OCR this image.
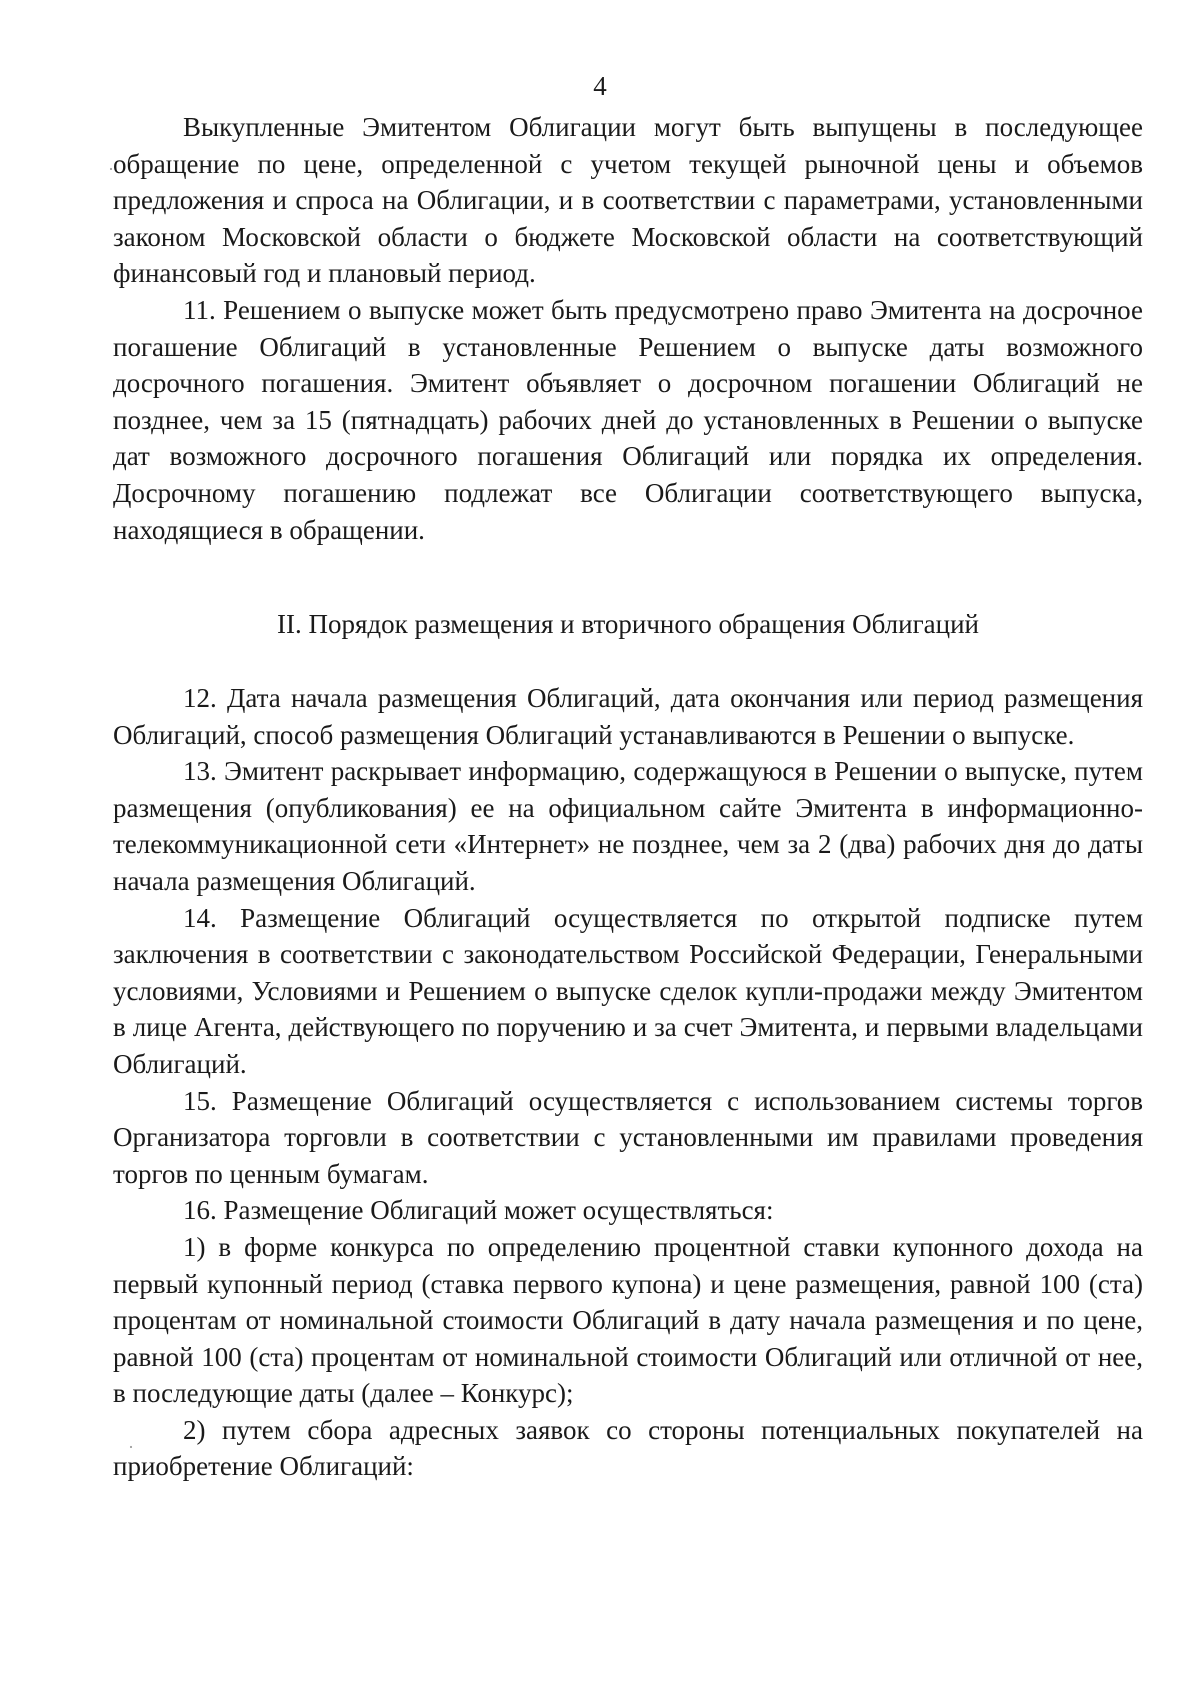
4

Выкупленные Эмитентом Облигации могут быть выпущены в последующее обращение по цене, определенной с учетом текущей рыночной цены и объемов предложения и спроса на Облигации, и в соответствии с параметрами, установленными законом Московской области о бюджете Московской области на соответствующий финансовый год и плановый период.

11. Решением о выпуске может быть предусмотрено право Эмитента на досрочное погашение Облигаций в установленные Решением о выпуске даты возможного досрочного погашения. Эмитент объявляет о досрочном погашении Облигаций не позднее, чем за 15 (пятнадцать) рабочих дней до установленных в Решении о выпуске дат возможного досрочного погашения Облигаций или порядка их определения. Досрочному погашению подлежат все Облигации соответствующего выпуска, находящиеся в обращении.

II. Порядок размещения и вторичного обращения Облигаций

12. Дата начала размещения Облигаций, дата окончания или период размещения Облигаций, способ размещения Облигаций устанавливаются в Решении о выпуске.

13. Эмитент раскрывает информацию, содержащуюся в Решении о выпуске, путем размещения (опубликования) ее на официальном сайте Эмитента в информационно-телекоммуникационной сети «Интернет» не позднее, чем за 2 (два) рабочих дня до даты начала размещения Облигаций.

14. Размещение Облигаций осуществляется по открытой подписке путем заключения в соответствии с законодательством Российской Федерации, Генеральными условиями, Условиями и Решением о выпуске сделок купли-продажи между Эмитентом в лице Агента, действующего по поручению и за счет Эмитента, и первыми владельцами Облигаций.

15. Размещение Облигаций осуществляется с использованием системы торгов Организатора торговли в соответствии с установленными им правилами проведения торгов по ценным бумагам.

16. Размещение Облигаций может осуществляться:

1) в форме конкурса по определению процентной ставки купонного дохода на первый купонный период (ставка первого купона) и цене размещения, равной 100 (ста) процентам от номинальной стоимости Облигаций в дату начала размещения и по цене, равной 100 (ста) процентам от номинальной стоимости Облигаций или отличной от нее, в последующие даты (далее – Конкурс);

2) путем сбора адресных заявок со стороны потенциальных покупателей на приобретение Облигаций:

·
·
